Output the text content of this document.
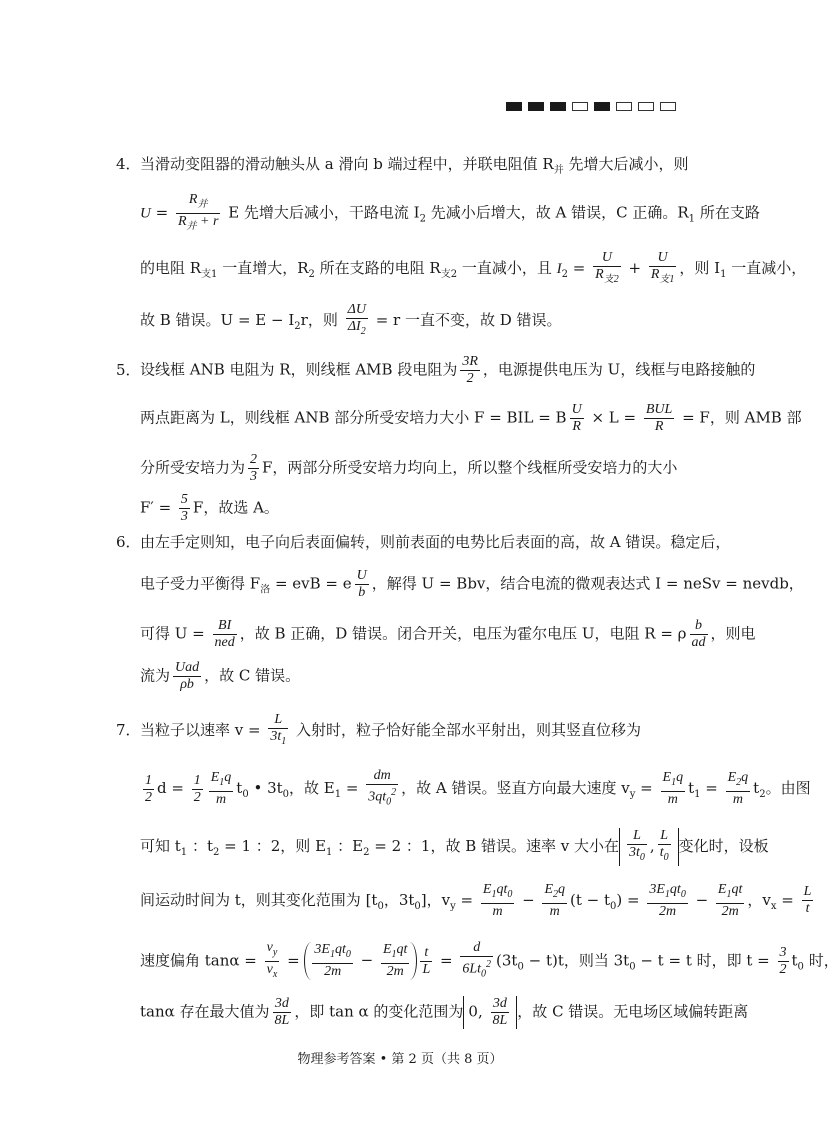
4．当滑动变阻器的滑动触头从 a 滑向 b 端过程中，并联电阻值 $R_并$ 先增大后减小，则
$U = \frac{R_并}{R_并 + r}$ E 先增大后减小，干路电流 $I_2$ 先减小后增大，故 A 错误，C 正确。$R_1$ 所在支路
的电阻 $R_{支1}$ 一直增大，$R_2$ 所在支路的电阻 $R_{支2}$ 一直减小，且 $I_2 = \frac{U}{R_{支2}} + \frac{U}{R_{支1}}$ ，则 $I_1$ 一直减小，
故 B 错误。$U = E - I_2r$，则 $\frac{\Delta U}{\Delta I_2} = r$ 一直不变，故 D 错误。
5．设线框 ANB 电阻为 R，则线框 AMB 段电阻为 $\frac{3R}{2}$ ，电源提供电压为 U，线框与电路接触的
两点距离为 L，则线框 ANB 部分所受安培力大小 F = BIL = B $\frac{U}{R} \times L = \frac{\text{BUL}}{R} = F$，则 AMB 部
分所受安培力为 $\frac{2}{3}$ F，两部分所受安培力均向上，所以整个线框所受安培力的大小
$F' = \frac{5}{3}$ F，故选 A。
6．由左手定则知，电子向后表面偏转，则前表面的电势比后表面的高，故 A 错误。稳定后，
电子受力平衡得 $F_洛$ = evB = e $\frac{U}{b}$ ，解得 U = Bbv，结合电流的微观表达式 I = neSv = nevdb，
可得 $U = \frac{BI}{\text{ned}}$ ，故 B 正确，D 错误。闭合开关，电压为霍尔电压 U，电阻 R = ρ $\frac{b}{ad}$ ，则电
流为 $\frac{\text{Uad}}{\rho b}$ ，故 C 错误。
7．当粒子以速率 $v = \frac{L}{3t_1}$ 入射时，粒子恰好能全部水平射出，则其竖直位移为
$\frac{1}{2}$ $d = \frac{1}{2} \frac{E_1q}{m} t_0$ • $3t_0$，故 $E_1 = \frac{dm}{3qt_0^2}$ ，故 A 错误。竖直方向最大速度 $v_y = \frac{E_1q}{m} t_1 = \frac{E_2q}{m} t_2$。由图
可知 $t_1$ ：$t_2 = 1$ ：2，则 $E_1$ ：$E_2 = 2$ ：1，故 B 错误。速率 v 大小在 $\frac{L}{3t_0}$ , $\frac{L}{t_0}$ 变化时，设板
间运动时间为 t，则其变化范围为 [$t_0$，$3t_0$]，$v_y = \frac{E_1qt_0}{m} - \frac{E_2q}{m} (t - t_0) = \frac{3E_1qt_0}{2m} - \frac{E_1qt}{2m}$ ，$v_x = \frac{L}{t}$
速度偏角 $\tan\alpha = \frac{v_y}{v_x} = \frac{3E_1qt_0}{2m} - \frac{E_1qt}{2m} \frac{t}{L} = \frac{d}{6Lt_0^2} (3t_0 - t)t$，则当 $3t_0 - t = t$ 时，即 $t = \frac{3}{2} t_0$ 时，
tanα 存在最大值为 $\frac{3d}{8L}$ ，即 tan α 的变化范围为 0, $\frac{3d}{8L}$ ，故 C 错误。无电场区域偏转距离
物理参考答案 • 第 2 页（共 8 页）
